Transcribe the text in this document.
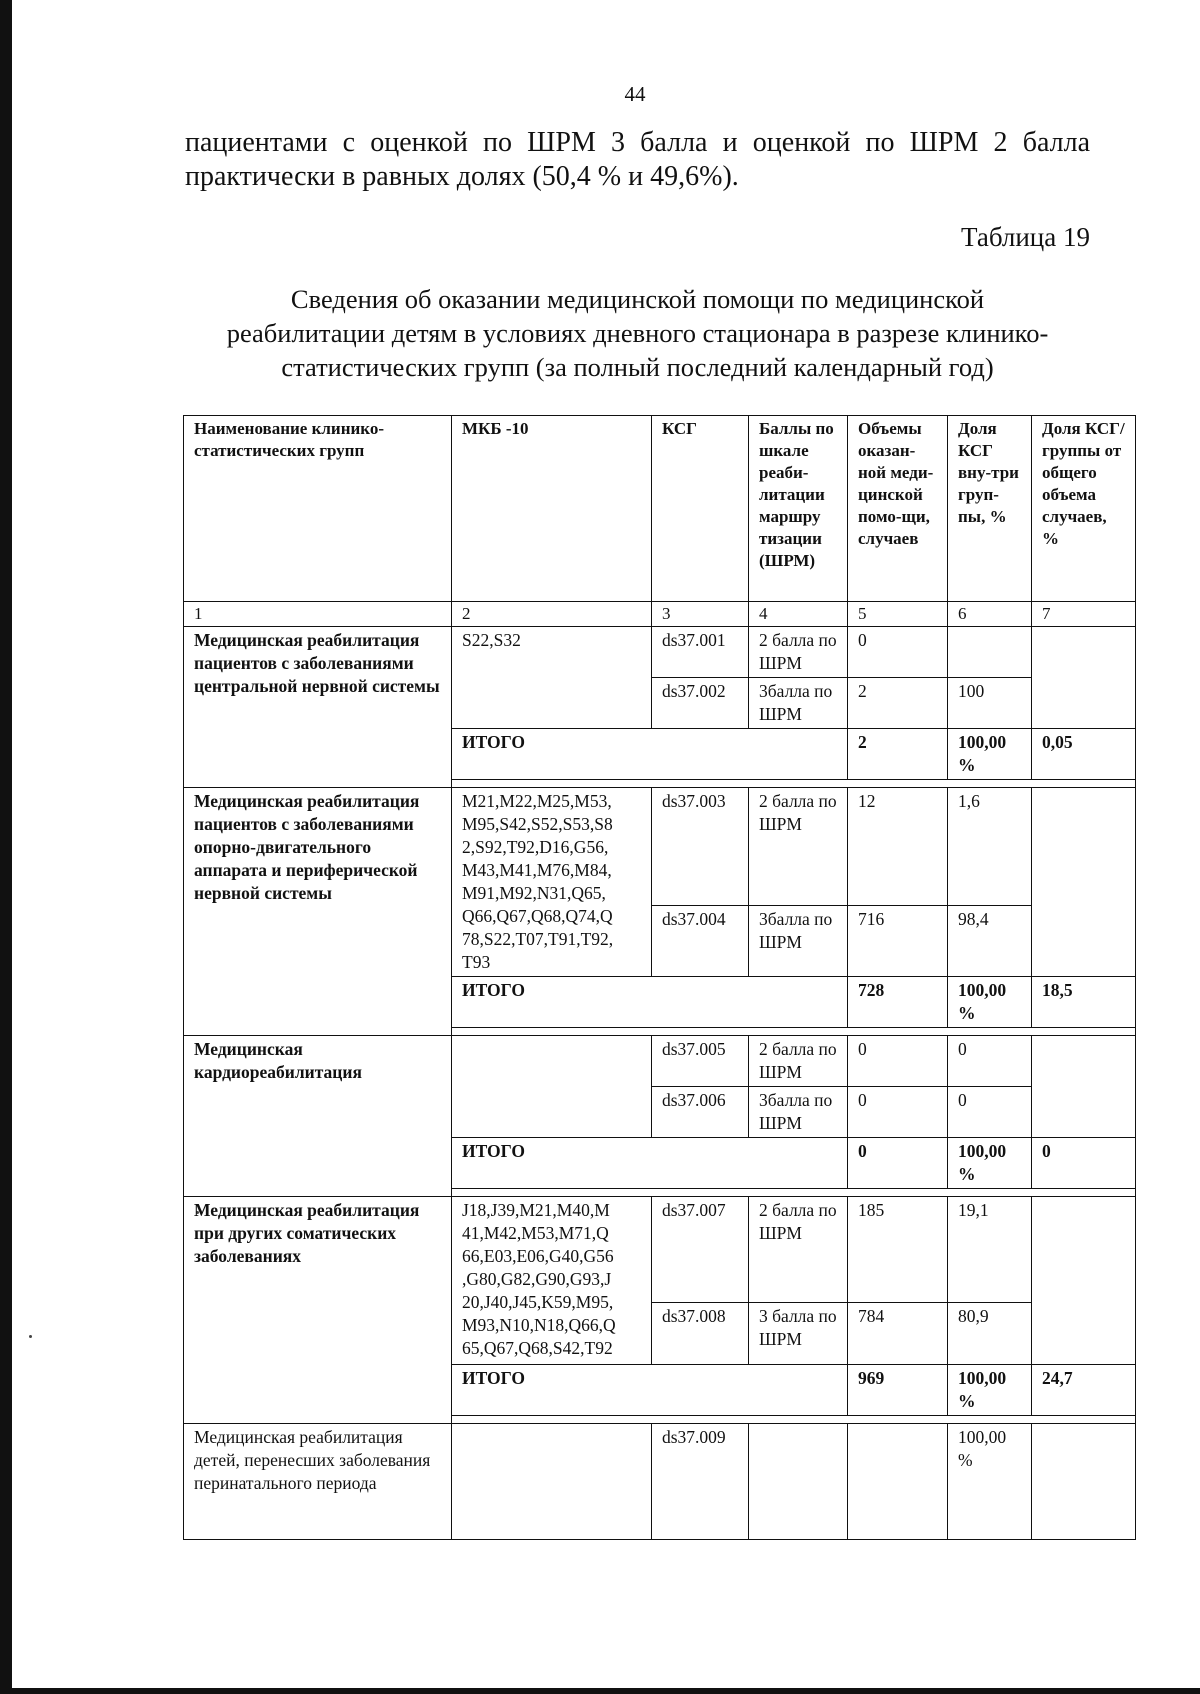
44
пациентами с оценкой по ШРМ 3 балла и оценкой по ШРМ 2 балла
практически в равных долях (50,4 % и 49,6%).
Таблица 19
Сведения об оказании медицинской помощи по медицинской
реабилитации детям в условиях дневного стационара в разрезе клинико-
статистических групп (за полный последний календарный год)
Наименование клинико-статистических групп	МКБ -10	КСГ	Баллы по шкале реаби-литации маршру тизации (ШРМ)	Объемы оказан-ной меди-цинской помо-щи, случаев	Доля КСГ вну-три груп-пы, %	Доля КСГ/ группы от общего объема случаев, %
1	2	3	4	5	6	7
Медицинская реабилитация пациентов с заболеваниями центральной нервной системы	S22,S32	ds37.001	2 балла по ШРМ	0		
		ds37.002	3балла по ШРМ	2	100	
	ИТОГО			2	100,00 %	0,05

Медицинская реабилитация пациентов с заболеваниями опорно-двигательного аппарата и периферической нервной системы	M21,M22,M25,M53, M95,S42,S52,S53,S8 2,S92,T92,D16,G56, M43,M41,M76,M84, M91,M92,N31,Q65, Q66,Q67,Q68,Q74,Q 78,S22,T07,T91,T92, T93	ds37.003	2 балла по ШРМ	12	1,6	
		ds37.004	3балла по ШРМ	716	98,4	
	ИТОГО			728	100,00 %	18,5

Медицинская кардиореабилитация		ds37.005	2 балла по ШРМ	0	0	
		ds37.006	3балла по ШРМ	0	0	
	ИТОГО			0	100,00 %	0

Медицинская реабилитация при других соматических заболеваниях	J18,J39,M21,M40,M 41,M42,M53,M71,Q 66,E03,E06,G40,G56 ,G80,G82,G90,G93,J 20,J40,J45,K59,M95, M93,N10,N18,Q66,Q 65,Q67,Q68,S42,T92	ds37.007	2 балла по ШРМ	185	19,1	
		ds37.008	3 балла по ШРМ	784	80,9	
	ИТОГО			969	100,00 %	24,7

Медицинская реабилитация детей, перенесших заболевания перинатального периода		ds37.009			100,00 %	
